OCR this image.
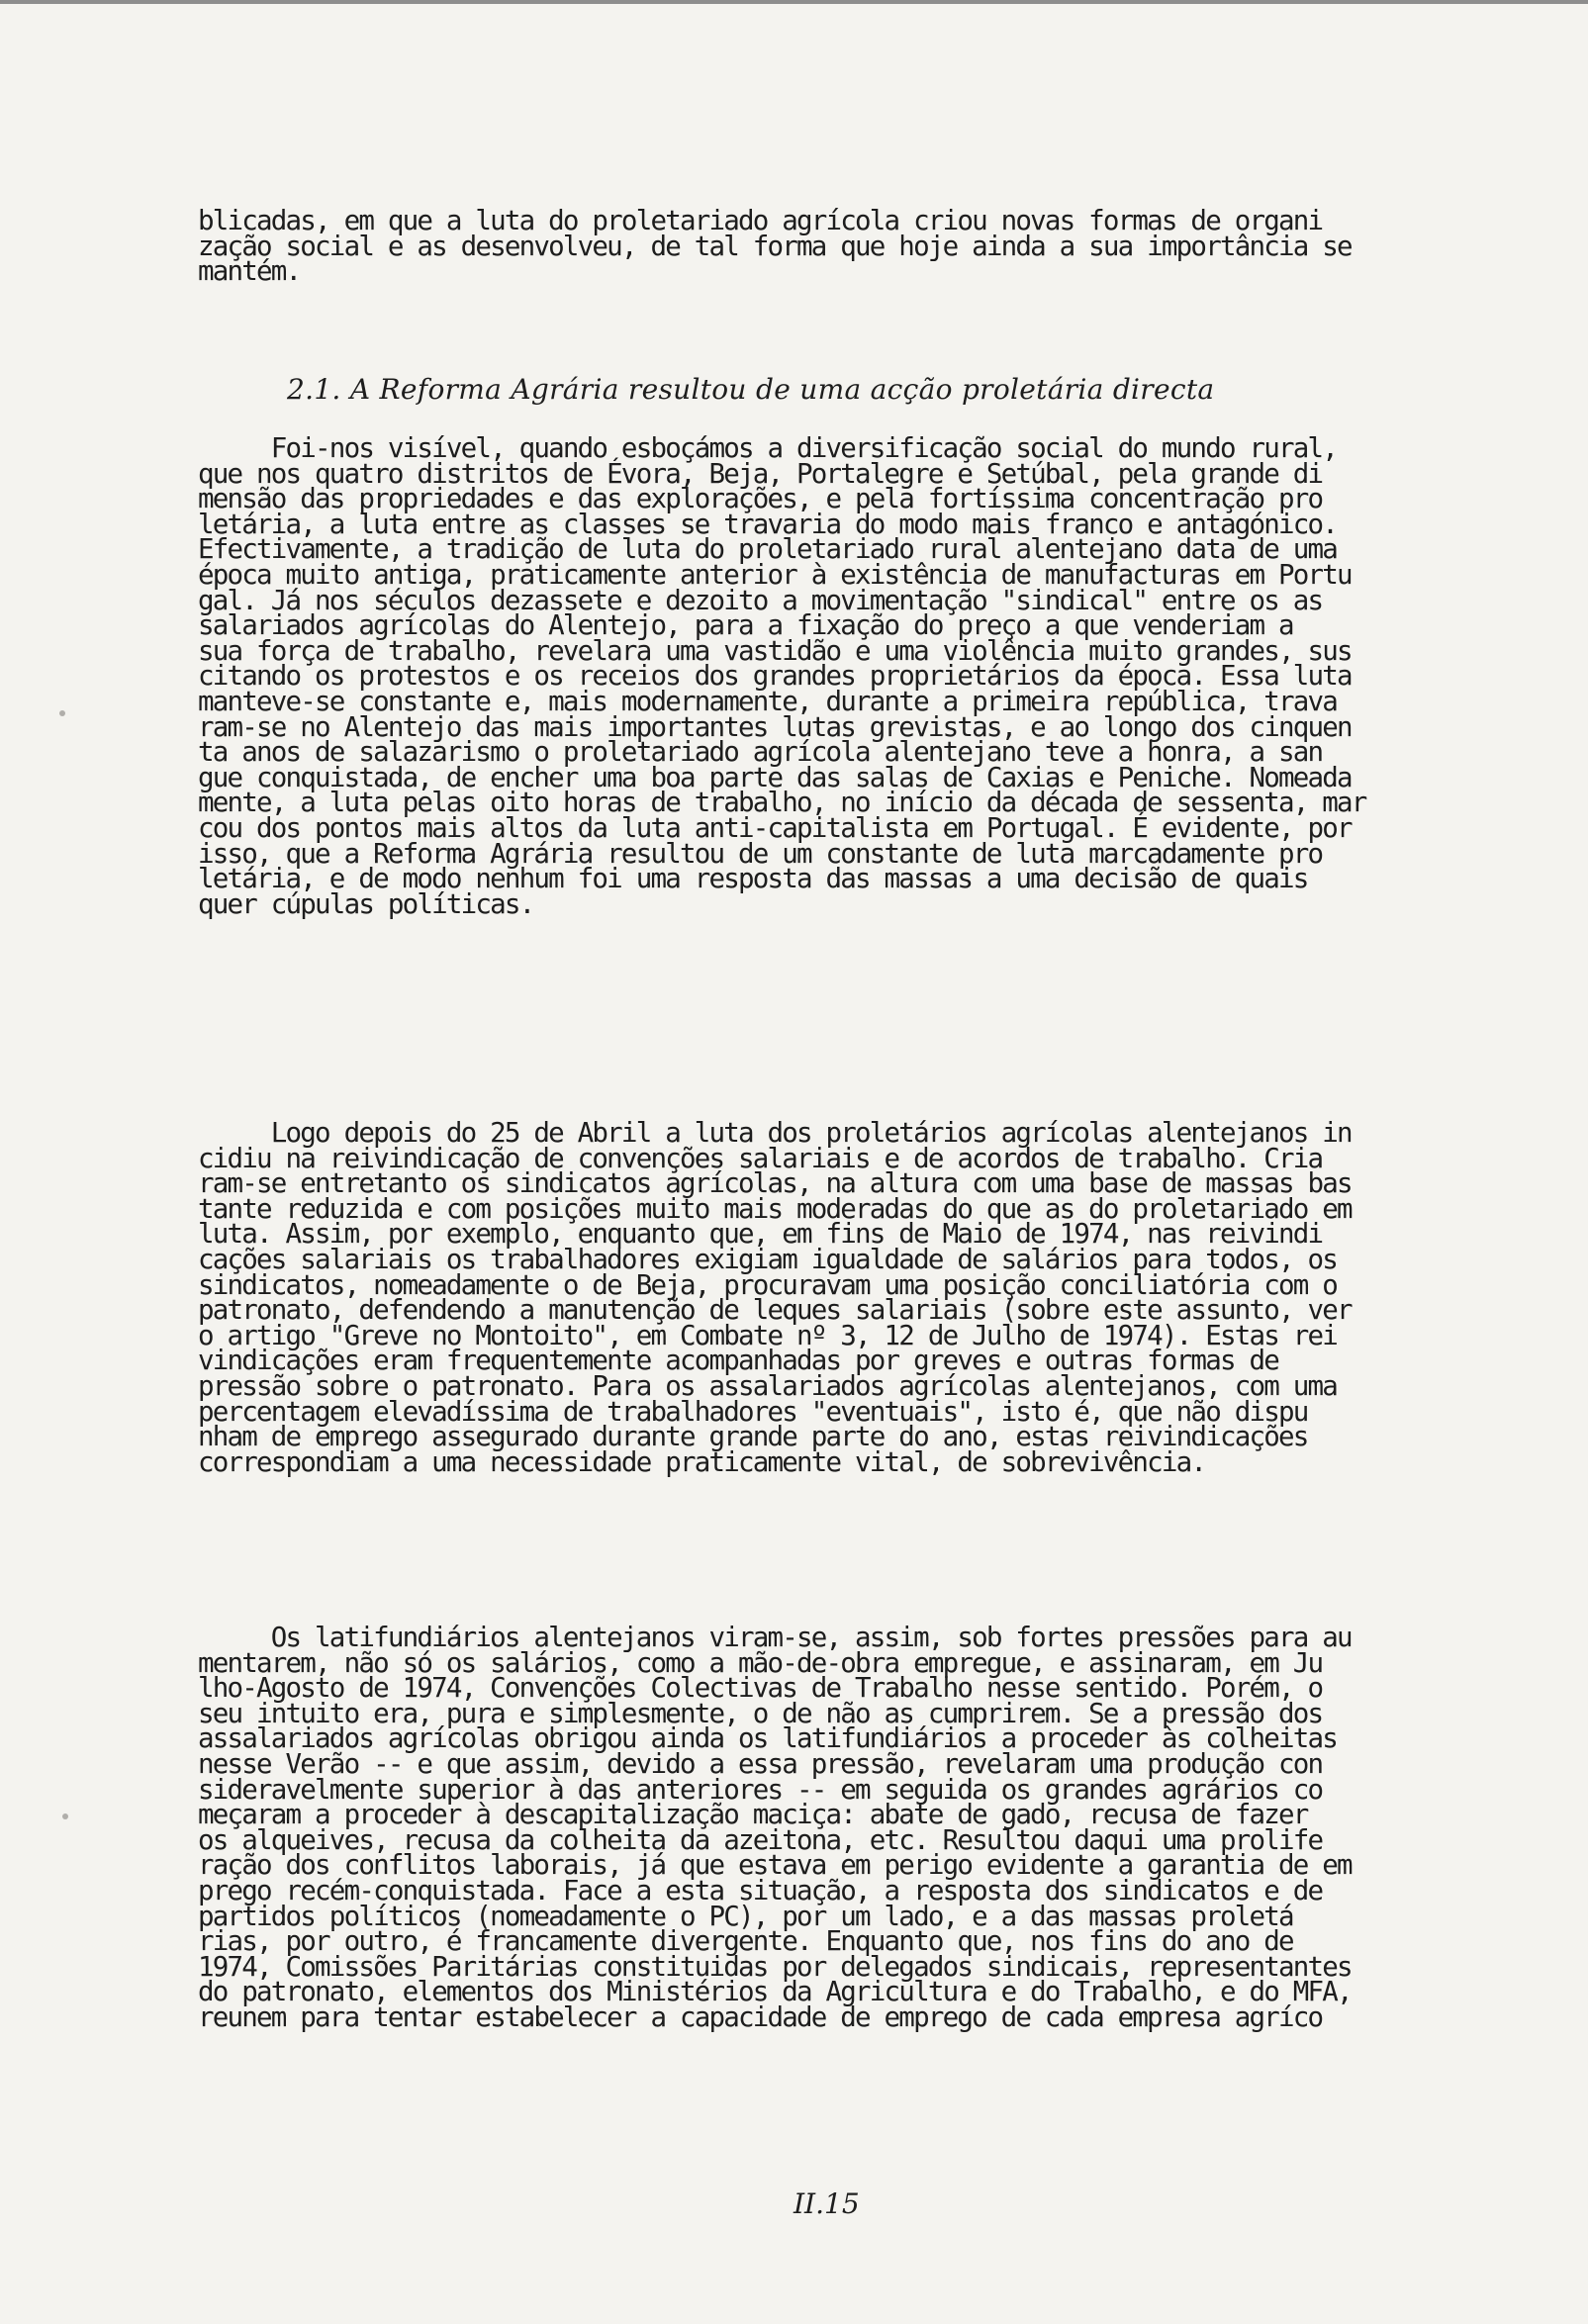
blicadas, em que a luta do proletariado agrícola criou novas formas de organi
zação social e as desenvolveu, de tal forma que hoje ainda a sua importância se
mantém.
2.1. A Reforma Agrária resultou de uma acção proletária directa
Foi-nos visível, quando esboçámos a diversificação social do mundo rural,
que nos quatro distritos de Évora, Beja, Portalegre e Setúbal, pela grande di
mensão das propriedades e das explorações, e pela fortíssima concentração pro
letária, a luta entre as classes se travaria do modo mais franco e antagónico.
Efectivamente, a tradição de luta do proletariado rural alentejano data de uma
época muito antiga, praticamente anterior à existência de manufacturas em Portu
gal. Já nos séculos dezassete e dezoito a movimentação "sindical" entre os as
salariados agrícolas do Alentejo, para a fixação do preço a que venderiam a
sua força de trabalho, revelara uma vastidão e uma violência muito grandes, sus
citando os protestos e os receios dos grandes proprietários da época. Essa luta
manteve-se constante e, mais modernamente, durante a primeira república, trava
ram-se no Alentejo das mais importantes lutas grevistas, e ao longo dos cinquen
ta anos de salazarismo o proletariado agrícola alentejano teve a honra, a san
gue conquistada, de encher uma boa parte das salas de Caxias e Peniche. Nomeada
mente, a luta pelas oito horas de trabalho, no início da década de sessenta, mar
cou dos pontos mais altos da luta anti-capitalista em Portugal. É evidente, por
isso, que a Reforma Agrária resultou de um constante de luta marcadamente pro
letária, e de modo nenhum foi uma resposta das massas a uma decisão de quais
quer cúpulas políticas.
Logo depois do 25 de Abril a luta dos proletários agrícolas alentejanos in
cidiu na reivindicação de convenções salariais e de acordos de trabalho. Cria
ram-se entretanto os sindicatos agrícolas, na altura com uma base de massas bas
tante reduzida e com posições muito mais moderadas do que as do proletariado em
luta. Assim, por exemplo, enquanto que, em fins de Maio de 1974, nas reivindi
cações salariais os trabalhadores exigiam igualdade de salários para todos, os
sindicatos, nomeadamente o de Beja, procuravam uma posição conciliatória com o
patronato, defendendo a manutenção de leques salariais (sobre este assunto, ver
o artigo "Greve no Montoito", em Combate nº 3, 12 de Julho de 1974). Estas rei
vindicações eram frequentemente acompanhadas por greves e outras formas de
pressão sobre o patronato. Para os assalariados agrícolas alentejanos, com uma
percentagem elevadíssima de trabalhadores "eventuais", isto é, que não dispu
nham de emprego assegurado durante grande parte do ano, estas reivindicações
correspondiam a uma necessidade praticamente vital, de sobrevivência.
Os latifundiários alentejanos viram-se, assim, sob fortes pressões para au
mentarem, não só os salários, como a mão-de-obra empregue, e assinaram, em Ju
lho-Agosto de 1974, Convenções Colectivas de Trabalho nesse sentido. Porém, o
seu intuito era, pura e simplesmente, o de não as cumprirem. Se a pressão dos
assalariados agrícolas obrigou ainda os latifundiários a proceder às colheitas
nesse Verão -- e que assim, devido a essa pressão, revelaram uma produção con
sideravelmente superior à das anteriores -- em seguida os grandes agrários co
meçaram a proceder à descapitalização maciça: abate de gado, recusa de fazer
os alqueives, recusa da colheita da azeitona, etc. Resultou daqui uma prolife
ração dos conflitos laborais, já que estava em perigo evidente a garantia de em
prego recém-conquistada. Face a esta situação, a resposta dos sindicatos e de
partidos políticos (nomeadamente o PC), por um lado, e a das massas proletá
rias, por outro, é francamente divergente. Enquanto que, nos fins do ano de
1974, Comissões Paritárias constituidas por delegados sindicais, representantes
do patronato, elementos dos Ministérios da Agricultura e do Trabalho, e do MFA,
reunem para tentar estabelecer a capacidade de emprego de cada empresa agríco
II.15
